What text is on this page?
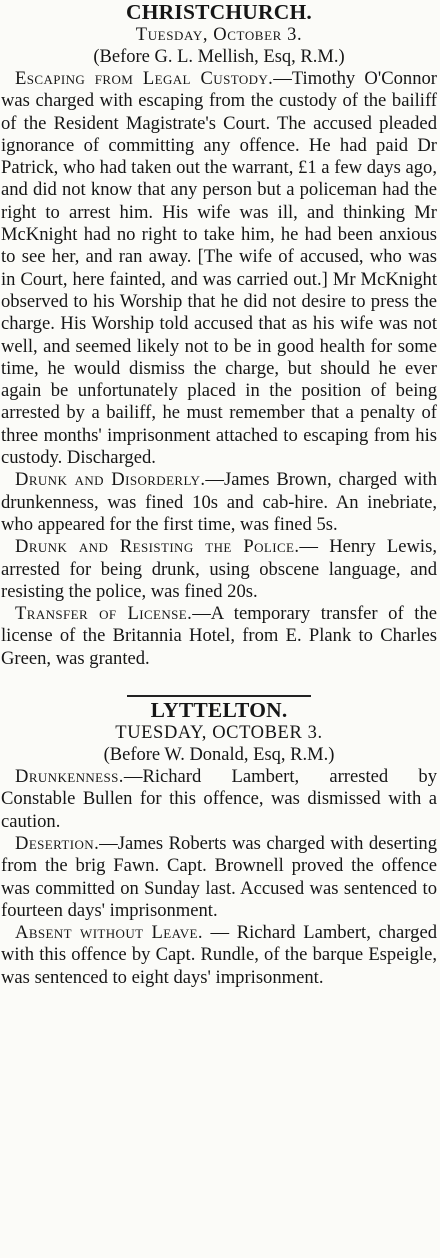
CHRISTCHURCH.
Tuesday, October 3.
(Before G. L. Mellish, Esq, R.M.)

Escaping from Legal Custody.—Timothy O'Connor was charged with escaping from the custody of the bailiff of the Resident Magistrate's Court. The accused pleaded ignorance of committing any offence. He had paid Dr Patrick, who had taken out the warrant, £1 a few days ago, and did not know that any person but a policeman had the right to arrest him. His wife was ill, and thinking Mr McKnight had no right to take him, he had been anxious to see her, and ran away. [The wife of accused, who was in Court, here fainted, and was carried out.] Mr McKnight observed to his Worship that he did not desire to press the charge. His Worship told accused that as his wife was not well, and seemed likely not to be in good health for some time, he would dismiss the charge, but should he ever again be unfortunately placed in the position of being arrested by a bailiff, he must remember that a penalty of three months' imprisonment attached to escaping from his custody. Discharged.

Drunk and Disorderly.—James Brown, charged with drunkenness, was fined 10s and cab-hire. An inebriate, who appeared for the first time, was fined 5s.

Drunk and Resisting the Police.— Henry Lewis, arrested for being drunk, using obscene language, and resisting the police, was fined 20s.

Transfer of License.—A temporary transfer of the license of the Britannia Hotel, from E. Plank to Charles Green, was granted.

LYTTELTON.
TUESDAY, OCTOBER 3.
(Before W. Donald, Esq, R.M.)

Drunkenness.—Richard Lambert, arrested by Constable Bullen for this offence, was dismissed with a caution.

Desertion.—James Roberts was charged with deserting from the brig Fawn. Capt. Brownell proved the offence was committed on Sunday last. Accused was sentenced to fourteen days' imprisonment.

Absent without Leave. — Richard Lambert, charged with this offence by Capt. Rundle, of the barque Espeigle, was sentenced to eight days' imprisonment.
